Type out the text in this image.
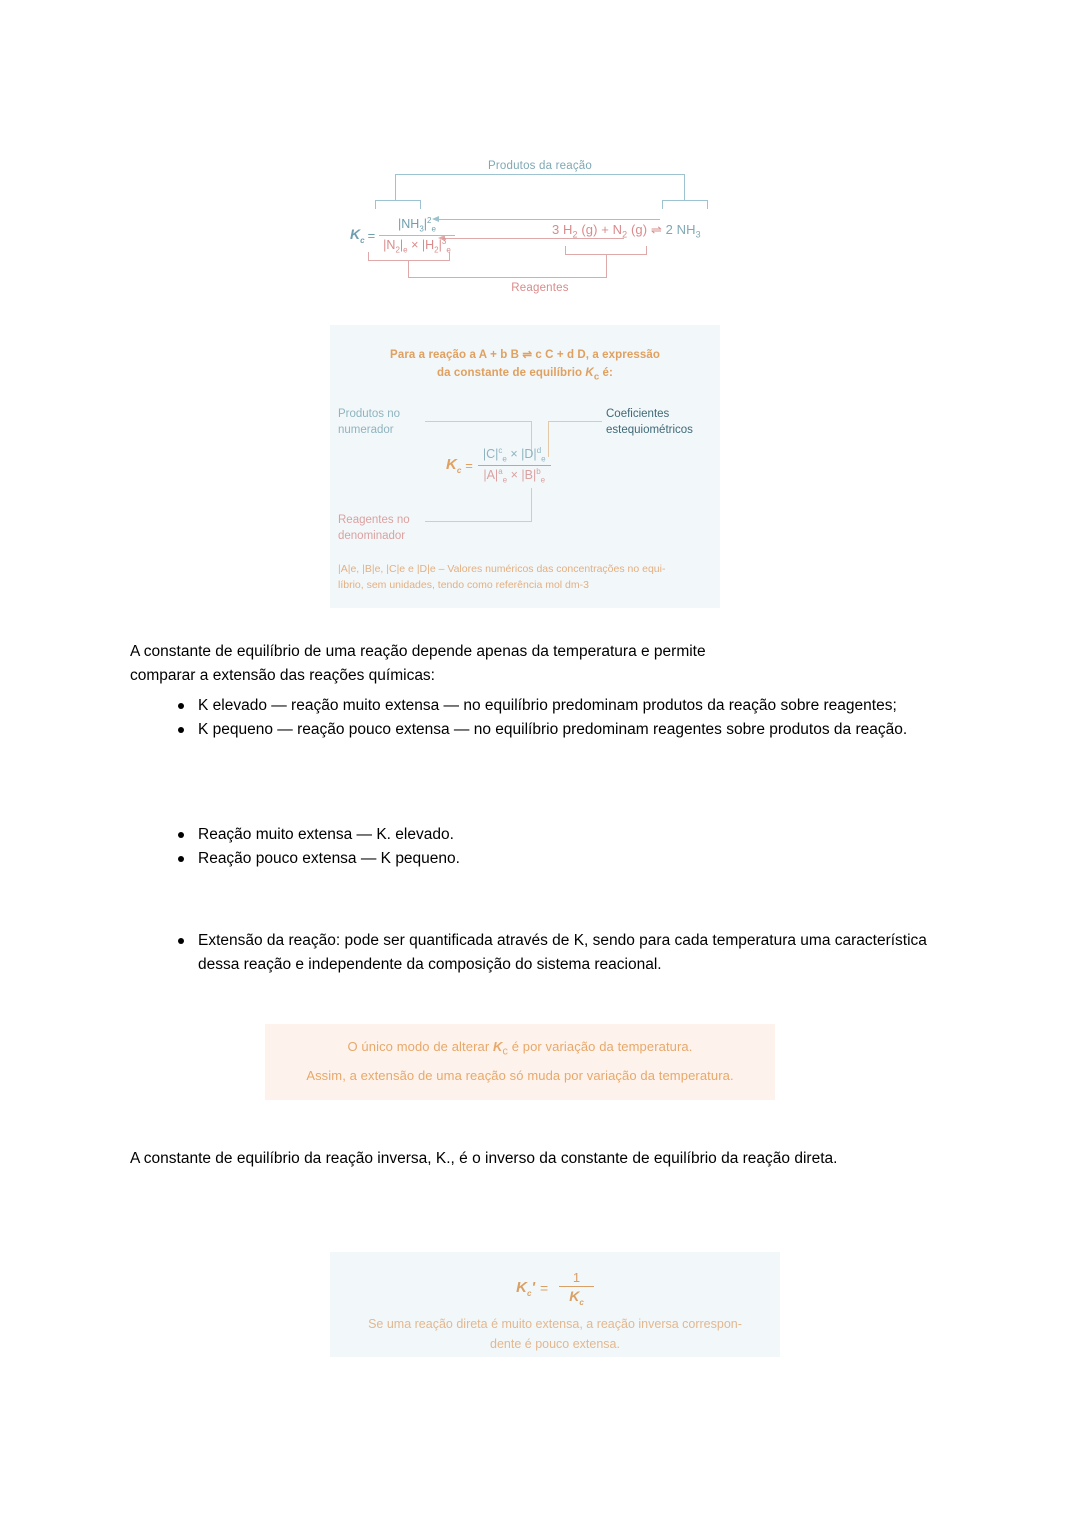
Produtos da reação
$K_c = \frac{|NH_3|^2_e}{|N_2|_e \times |H_2|^3_e}$	3 $H_2$ $(g) + N_2$ (g) ⇌ 2 $NH_3$
Reagentes
Para a reação a A + b B ⇌ c C + d D, a expressão
da constante de equilíbrio $K_c$ é:
Produtos no
numerador
Coeficientes
estequiométricos
Reagentes no
denominador
$K_c = \frac{|C|^c_e \times |D|^d_e}{|A|^a_e \times |B|^b_e}$
|A|e, |B|e, |C|e e |D|e – Valores numéricos das concentrações no equi-
líbrio, sem unidades, tendo como referência mol dm-3
A constante de equilíbrio de uma reação depende apenas da temperatura e permite
comparar a extensão das reações químicas:
K elevado — reação muito extensa — no equilíbrio predominam produtos da reação sobre reagentes;
K pequeno — reação pouco extensa — no equilíbrio predominam reagentes sobre produtos da reação.
Reação muito extensa — K. elevado.
Reação pouco extensa — K pequeno.
Extensão da reação: pode ser quantificada através de K, sendo para cada temperatura uma característica dessa reação e independente da composição do sistema reacional.
O único modo de alterar $K_c$ é por variação da temperatura.
Assim, a extensão de uma reação só muda por variação da temperatura.
A constante de equilíbrio da reação inversa, K., é o inverso da constante de equilíbrio da reação direta.
$K_c'$ =
1
$K_c$
Se uma reação direta é muito extensa, a reação inversa correspon-
dente é pouco extensa.
